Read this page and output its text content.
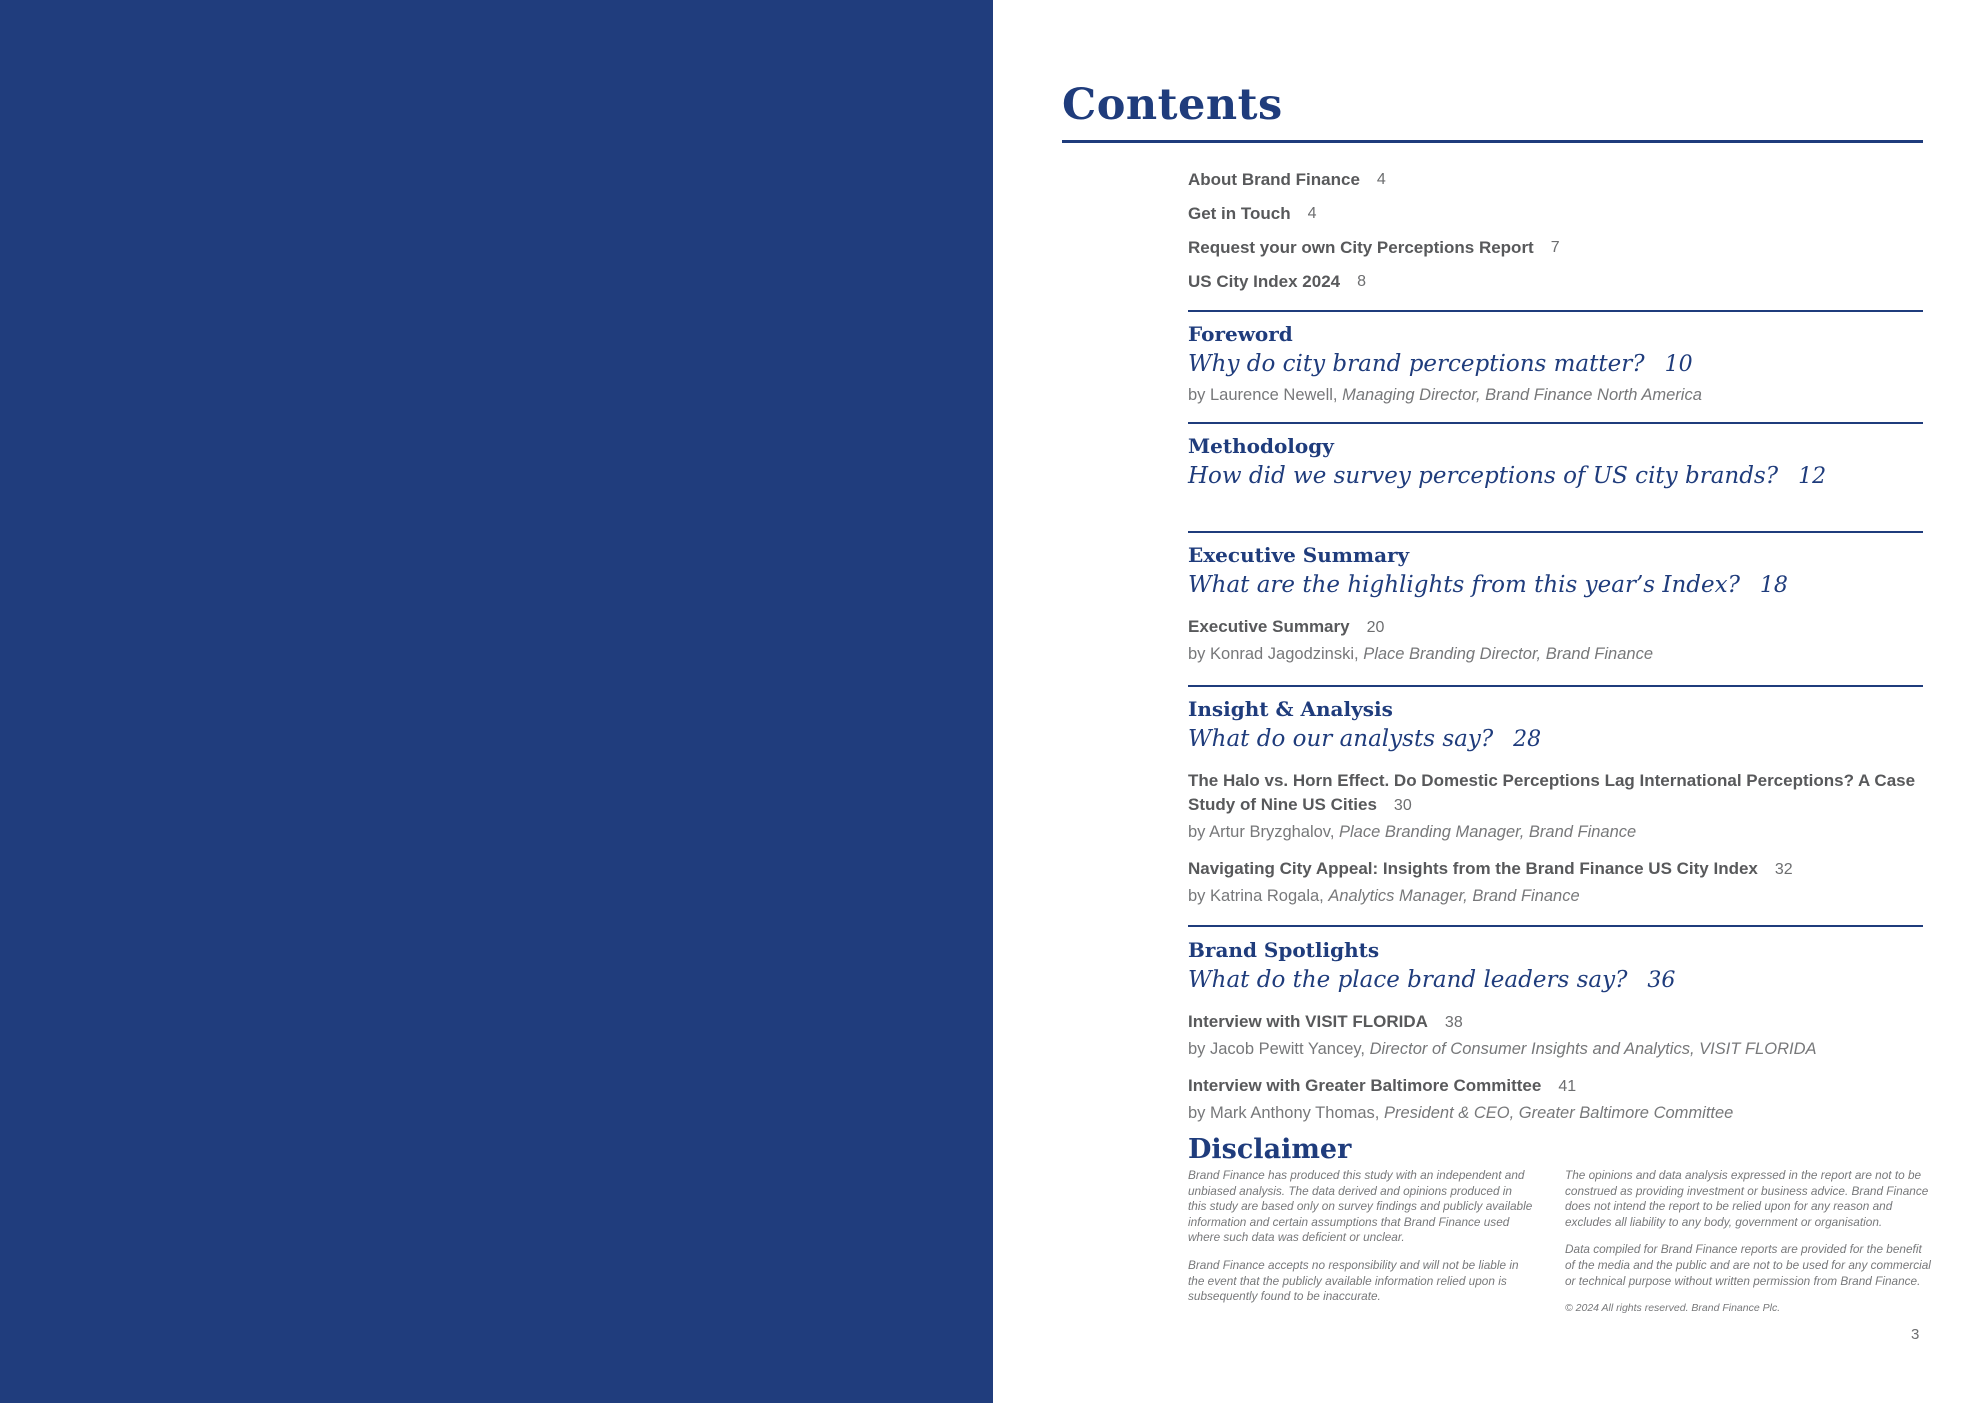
Contents
About Brand Finance 4
Get in Touch 4
Request your own City Perceptions Report 7
US City Index 2024 8
Foreword
Why do city brand perceptions matter? 10
by Laurence Newell, Managing Director, Brand Finance North America
Methodology
How did we survey perceptions of US city brands? 12
Executive Summary
What are the highlights from this year’s Index? 18
Executive Summary 20
by Konrad Jagodzinski, Place Branding Director, Brand Finance
Insight & Analysis
What do our analysts say? 28
The Halo vs. Horn Effect. Do Domestic Perceptions Lag International Perceptions? A Case Study of Nine US Cities 30
by Artur Bryzghalov, Place Branding Manager, Brand Finance
Navigating City Appeal: Insights from the Brand Finance US City Index 32
by Katrina Rogala, Analytics Manager, Brand Finance
Brand Spotlights
What do the place brand leaders say? 36
Interview with VISIT FLORIDA 38
by Jacob Pewitt Yancey, Director of Consumer Insights and Analytics, VISIT FLORIDA
Interview with Greater Baltimore Committee 41
by Mark Anthony Thomas, President & CEO, Greater Baltimore Committee
Disclaimer

Brand Finance has produced this study with an independent and unbiased analysis. The data derived and opinions produced in this study are based only on survey findings and publicly available information and certain assumptions that Brand Finance used where such data was deficient or unclear.

Brand Finance accepts no responsibility and will not be liable in the event that the publicly available information relied upon is subsequently found to be inaccurate.

The opinions and data analysis expressed in the report are not to be construed as providing investment or business advice. Brand Finance does not intend the report to be relied upon for any reason and excludes all liability to any body, government or organisation.

Data compiled for Brand Finance reports are provided for the benefit of the media and the public and are not to be used for any commercial or technical purpose without written permission from Brand Finance.

© 2024 All rights reserved. Brand Finance Plc.

3
